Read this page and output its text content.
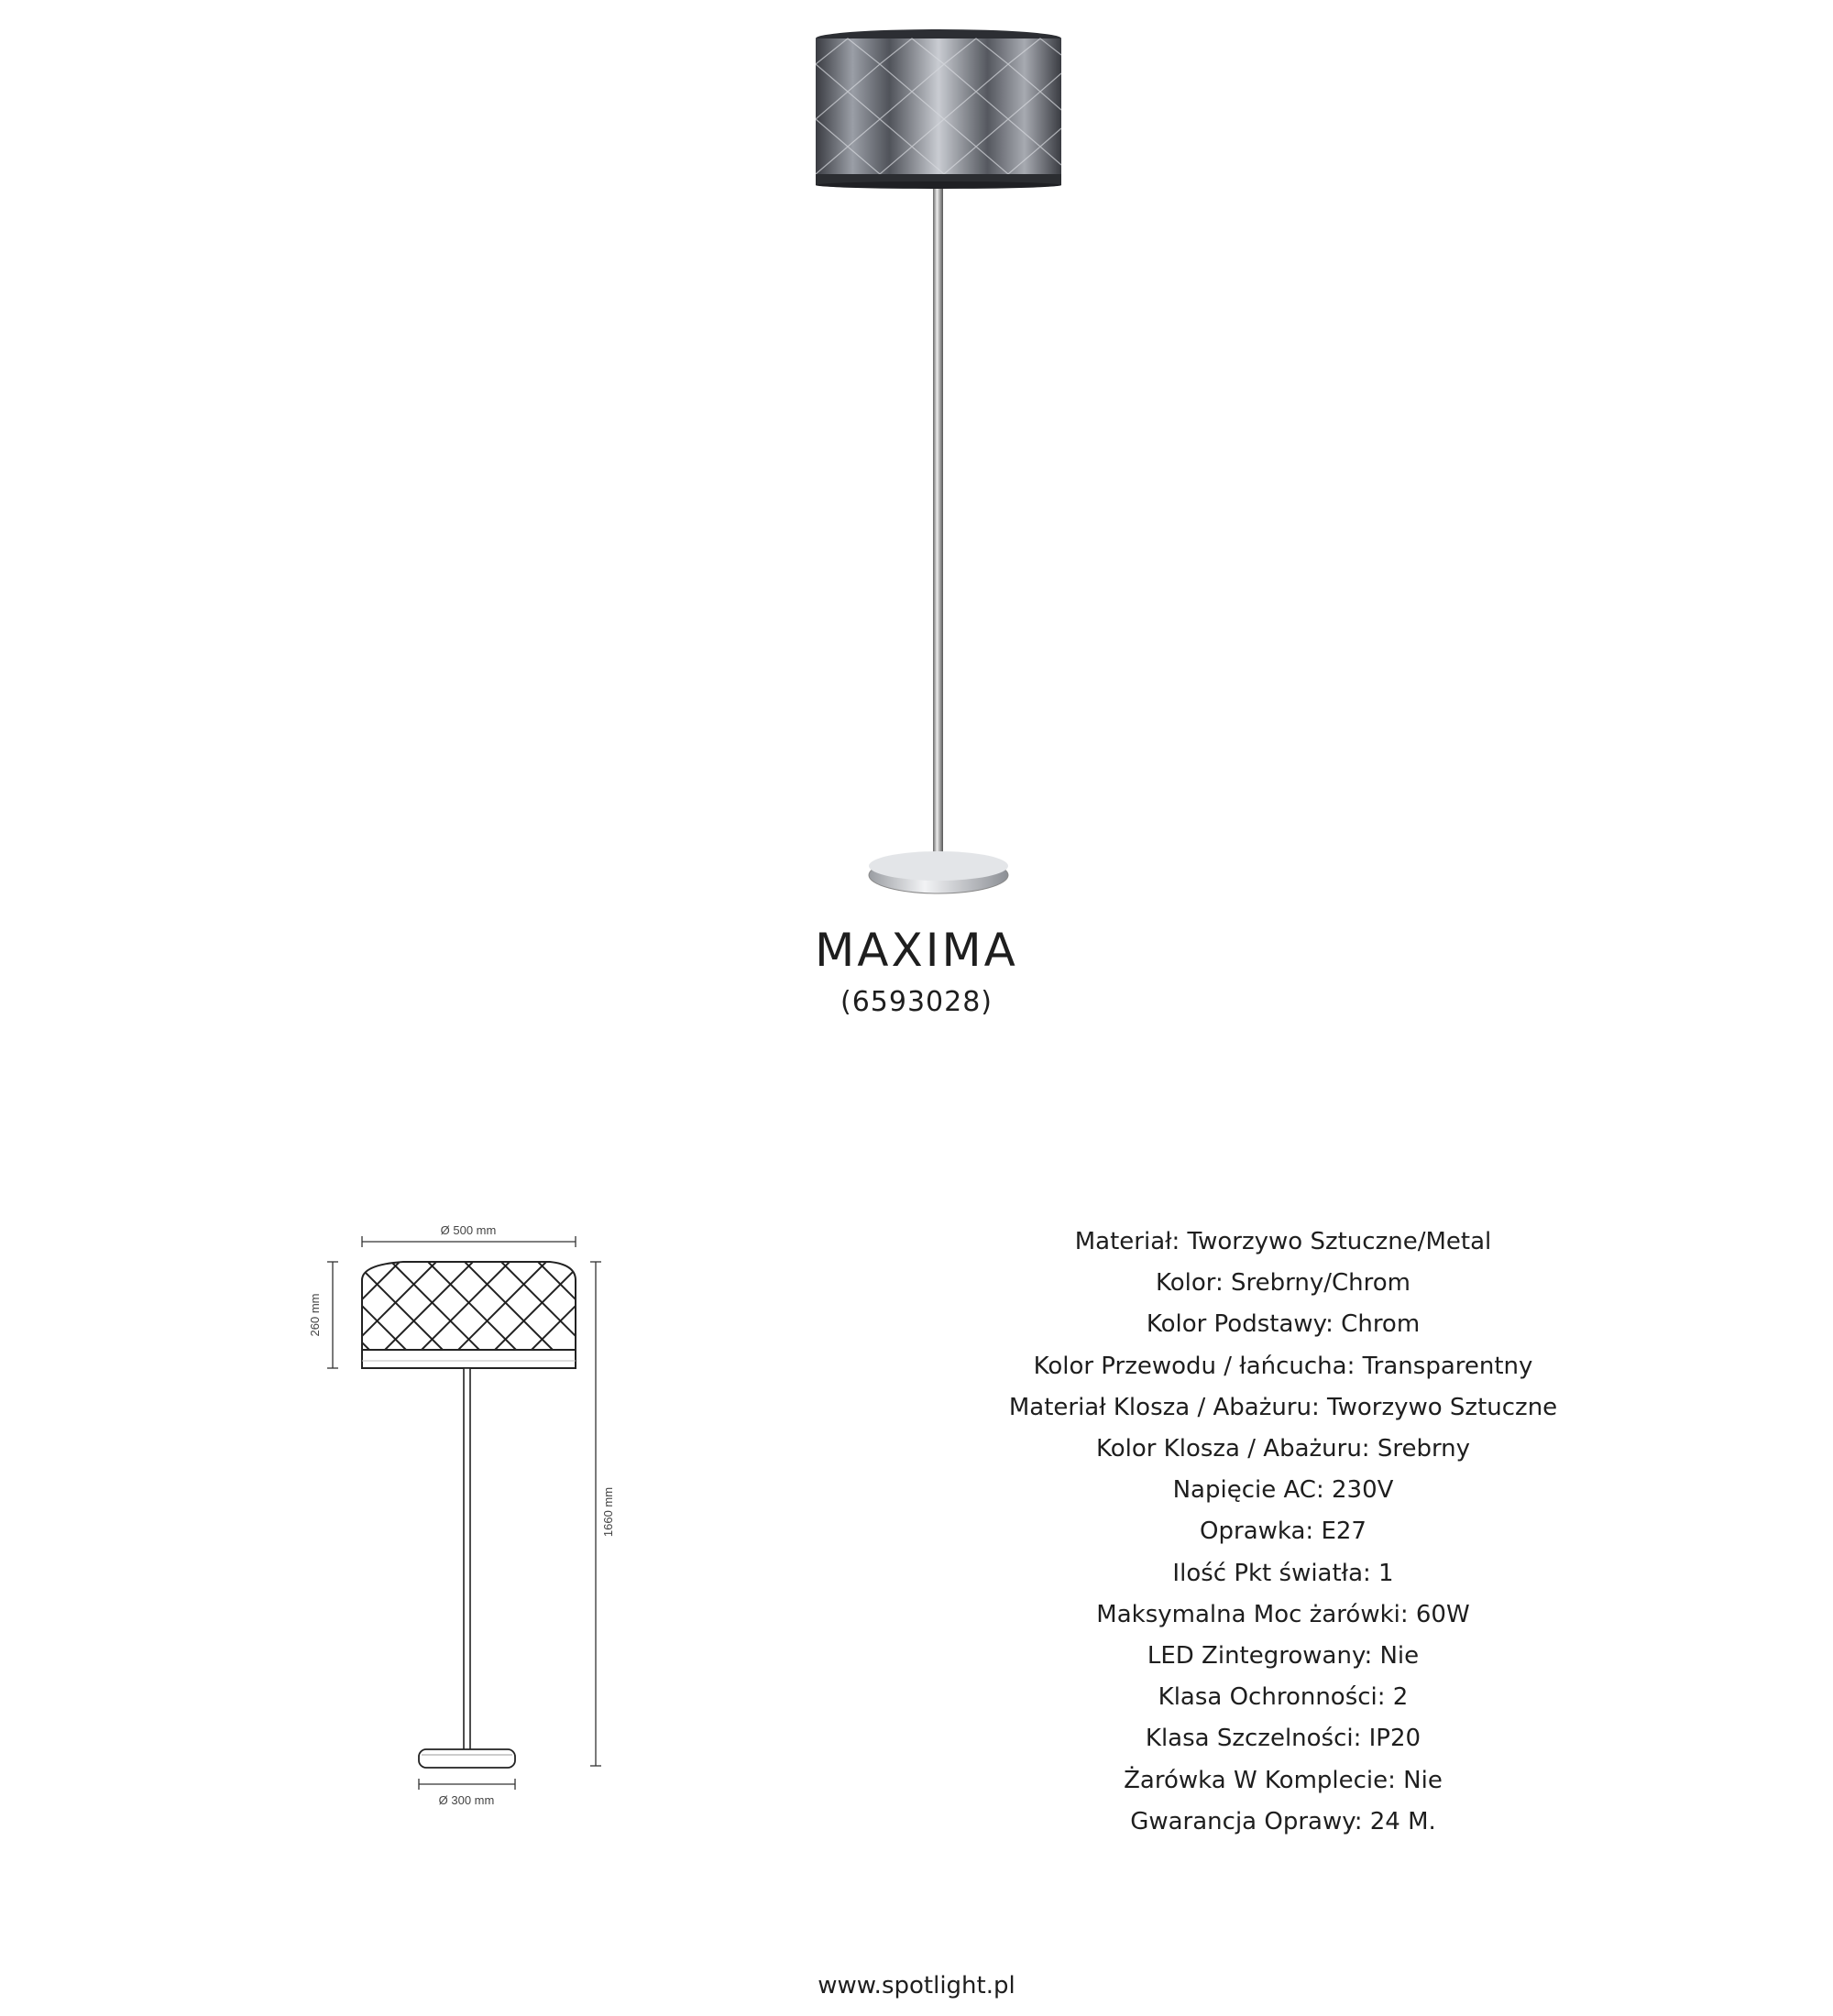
MAXIMA
(6593028)
Ø 500 mm
260 mm
1660 mm
Ø 300 mm
Materiał: Tworzywo Sztuczne/Metal
Kolor: Srebrny/Chrom
Kolor Podstawy: Chrom
Kolor Przewodu / łańcucha: Transparentny
Materiał Klosza / Abażuru: Tworzywo Sztuczne
Kolor Klosza / Abażuru: Srebrny
Napięcie AC: 230V
Oprawka: E27
Ilość Pkt światła: 1
Maksymalna Moc żarówki: 60W
LED Zintegrowany: Nie
Klasa Ochronności: 2
Klasa Szczelności: IP20
Żarówka W Komplecie: Nie
Gwarancja Oprawy: 24 M.
www.spotlight.pl
